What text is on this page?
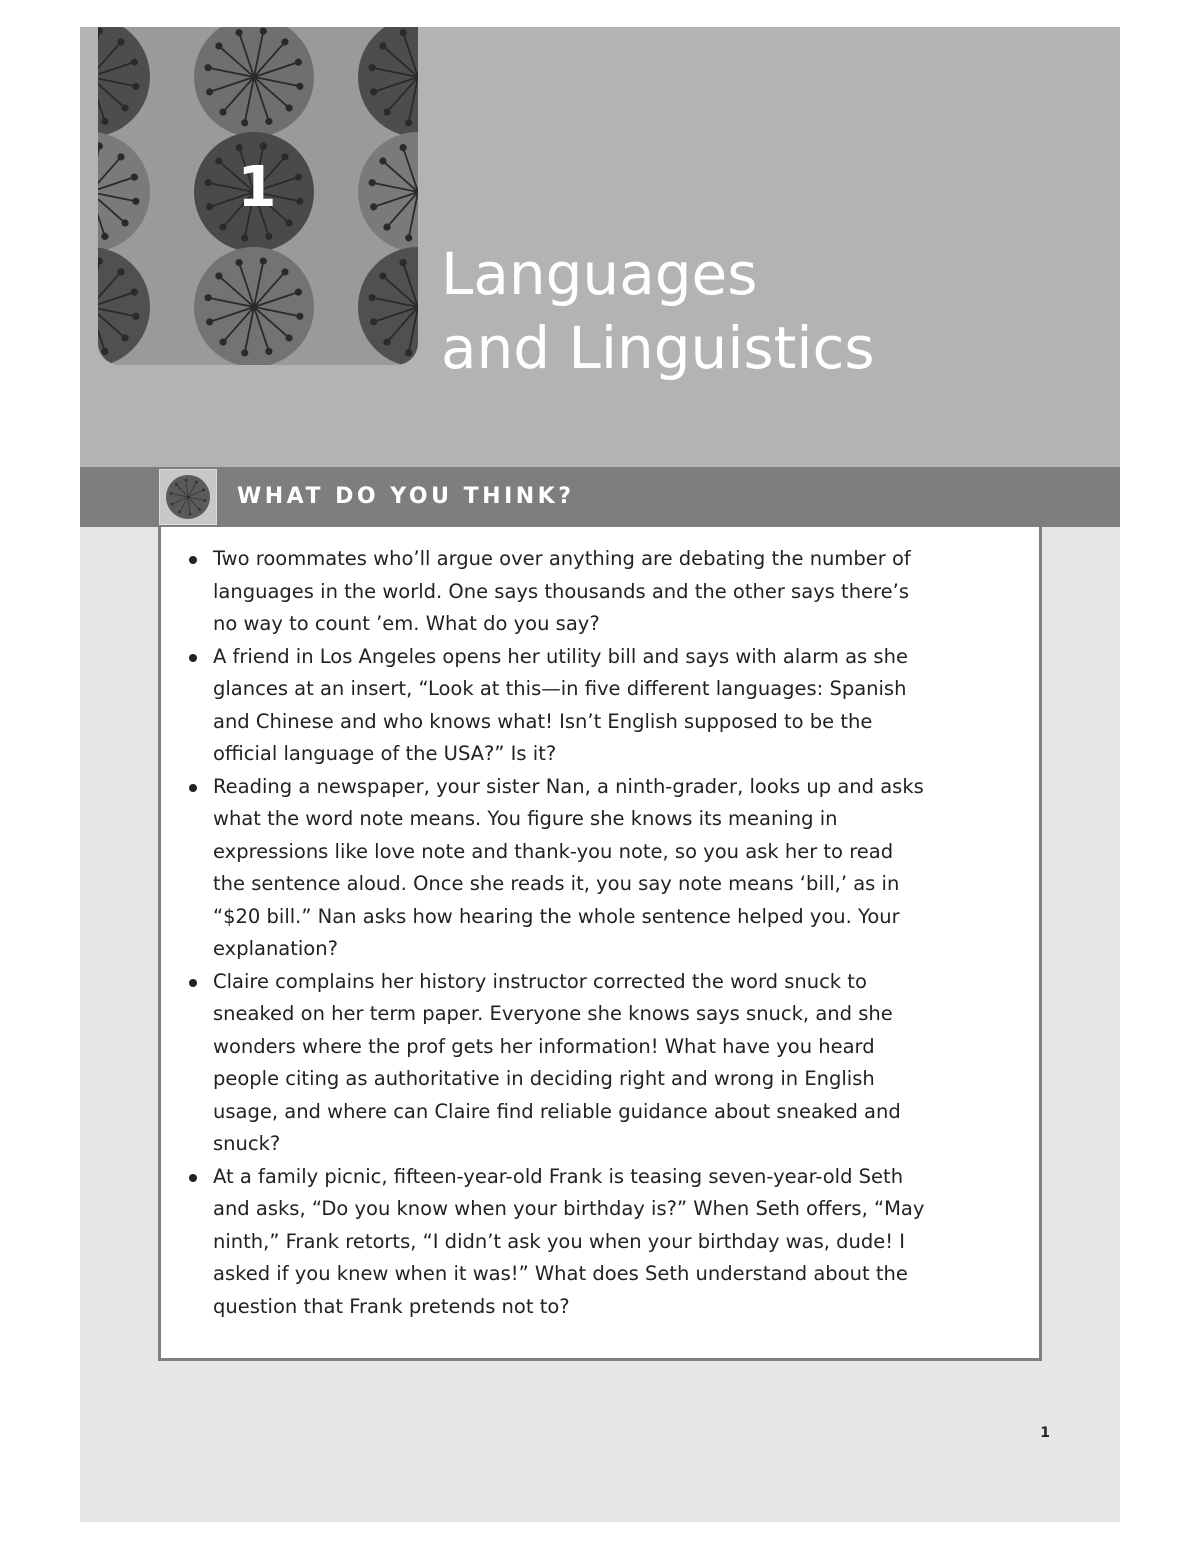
1
Languages
and Linguistics
WHAT DO YOU THINK?
Two roommates who’ll argue over anything are debating the number of
languages in the world. One says thousands and the other says there’s
no way to count ’em. What do you say?
A friend in Los Angeles opens her utility bill and says with alarm as she
glances at an insert, “Look at this—in five different languages: Spanish
and Chinese and who knows what! Isn’t English supposed to be the
official language of the USA?” Is it?
Reading a newspaper, your sister Nan, a ninth-grader, looks up and asks
what the word note means. You figure she knows its meaning in
expressions like love note and thank-you note, so you ask her to read
the sentence aloud. Once she reads it, you say note means ‘bill,’ as in
“$20 bill.” Nan asks how hearing the whole sentence helped you. Your
explanation?
Claire complains her history instructor corrected the word snuck to
sneaked on her term paper. Everyone she knows says snuck, and she
wonders where the prof gets her information! What have you heard
people citing as authoritative in deciding right and wrong in English
usage, and where can Claire find reliable guidance about sneaked and
snuck?
At a family picnic, fifteen-year-old Frank is teasing seven-year-old Seth
and asks, “Do you know when your birthday is?” When Seth offers, “May
ninth,” Frank retorts, “I didn’t ask you when your birthday was, dude! I
asked if you knew when it was!” What does Seth understand about the
question that Frank pretends not to?
1
